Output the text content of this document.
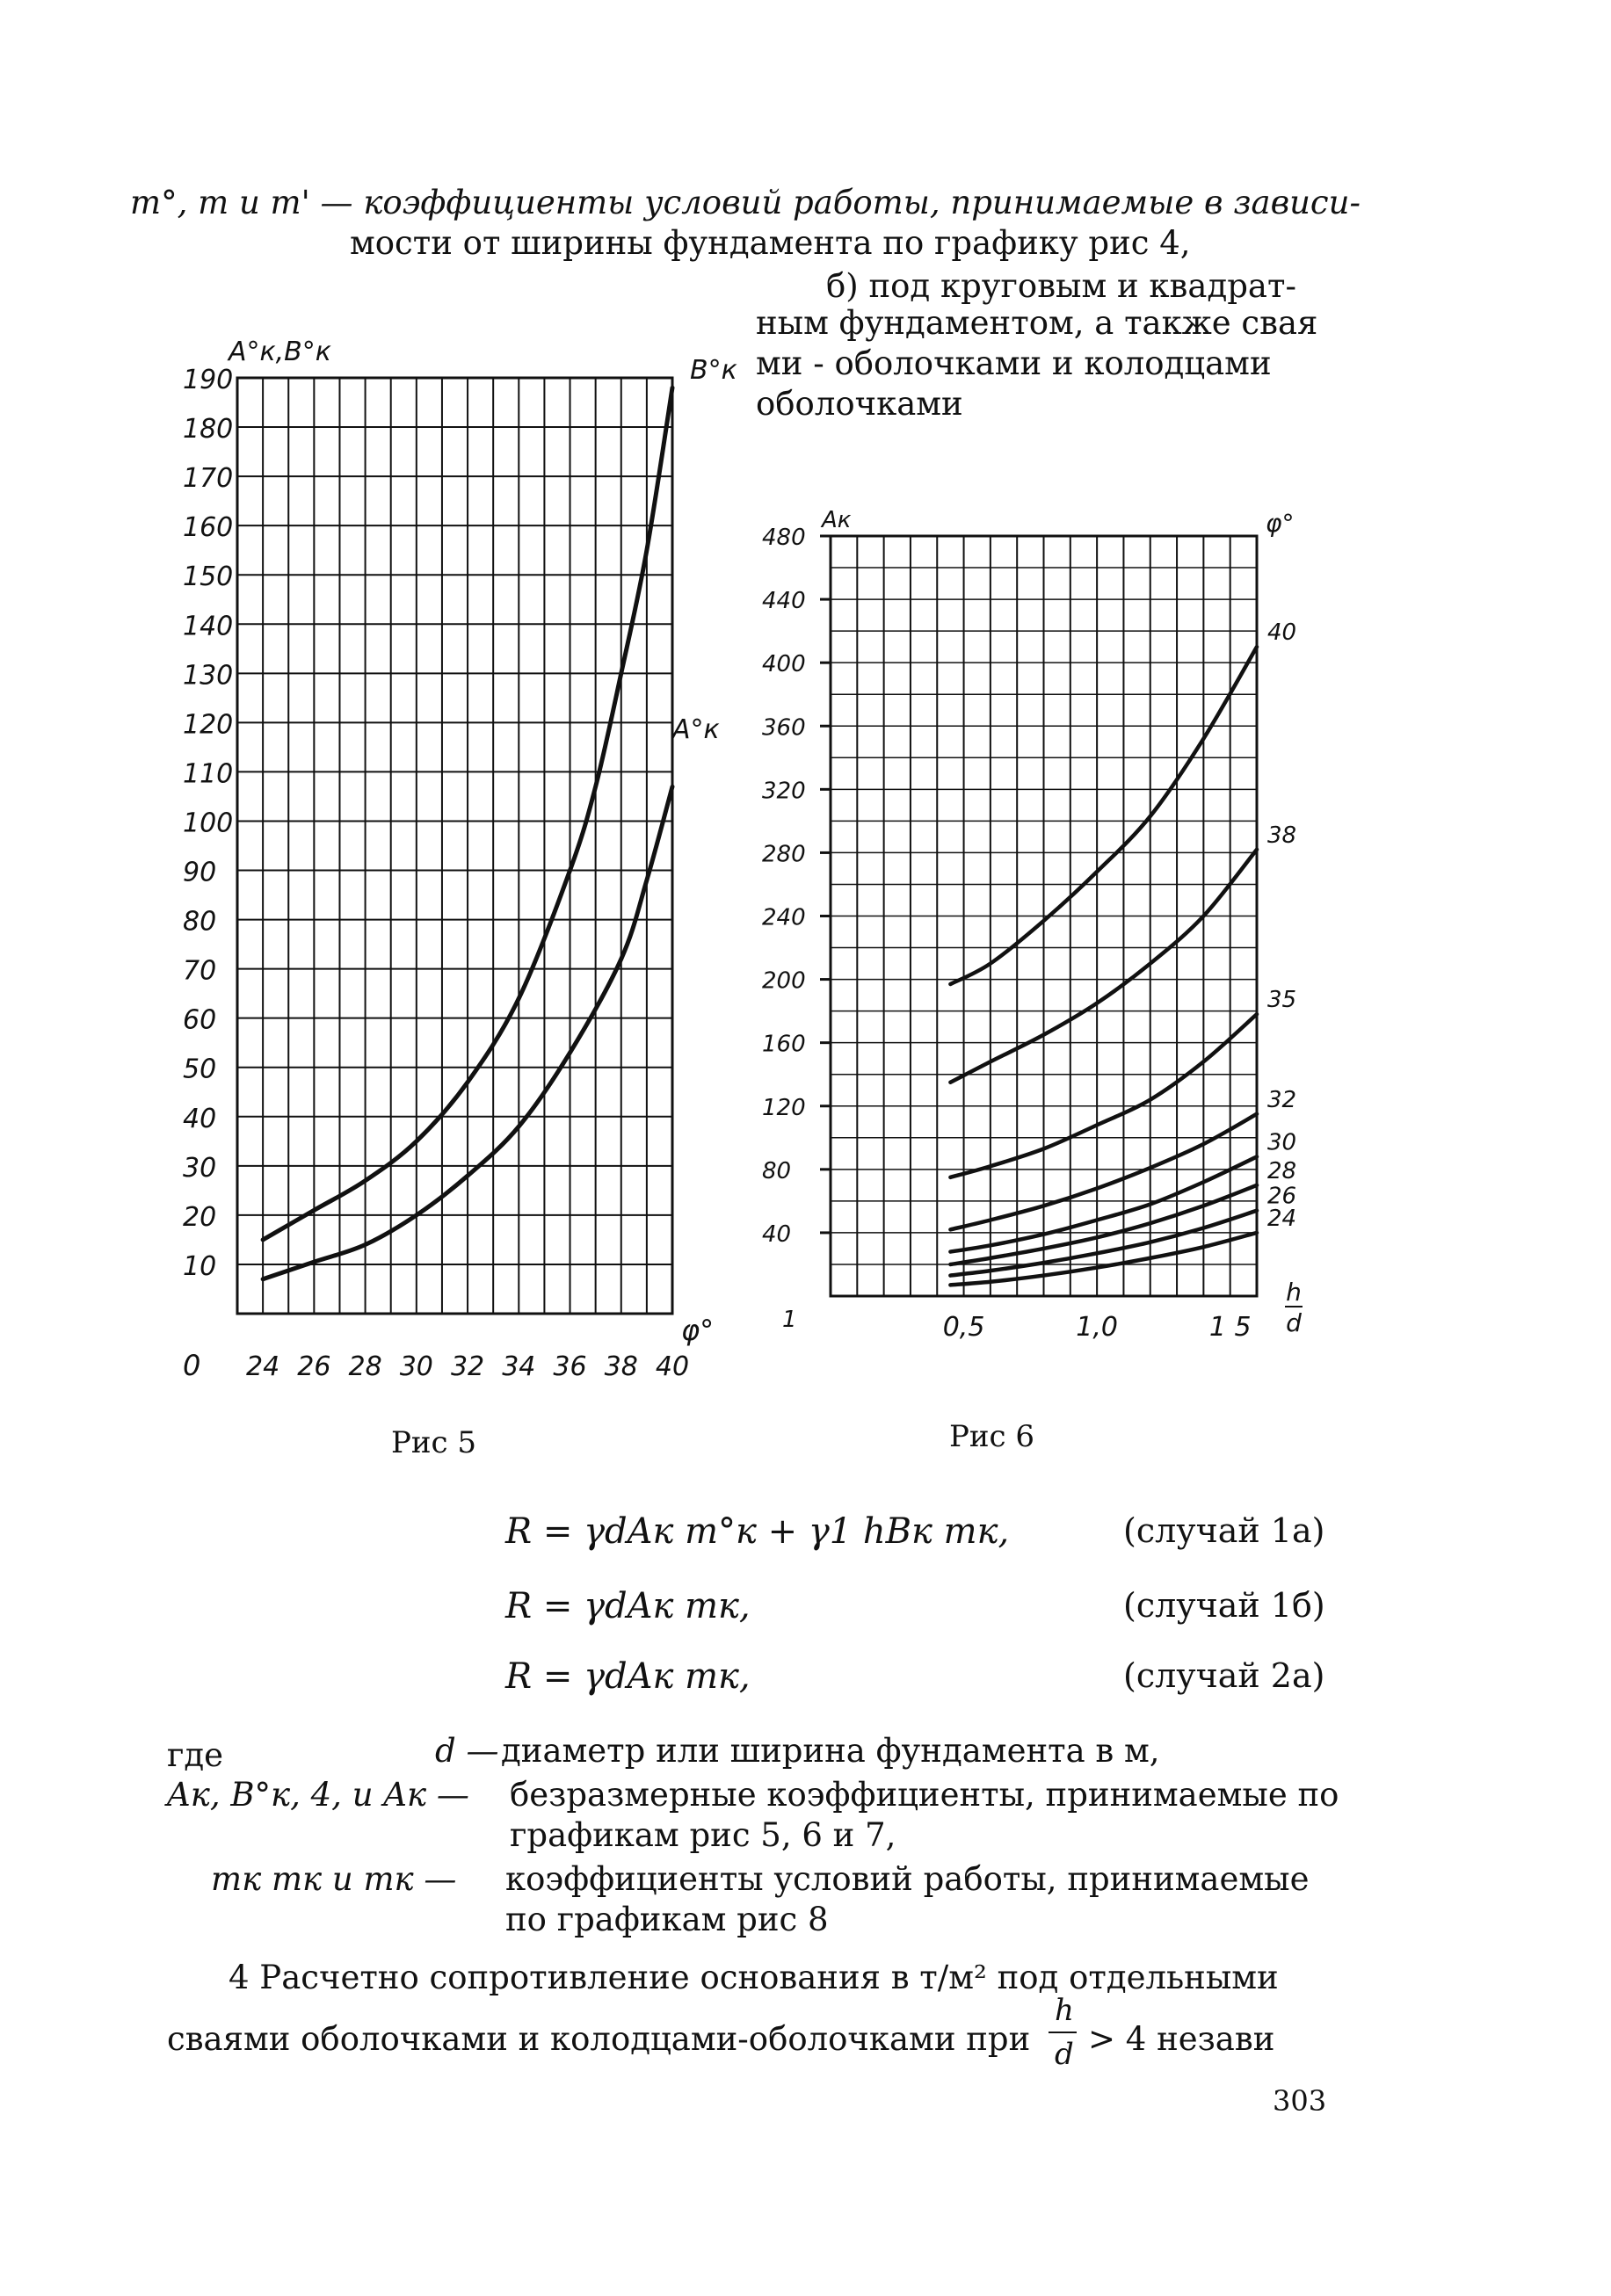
m°, m и m' — коэффициенты условий работы, принимаемые в зависи-
мости от ширины фундамента по графику рис 4,
б) под круговым и квадрат-
ным фундаментом, а также свая
ми - оболочками и колодцами
оболочками
10
20
30
40
50
60
70
80
90
100
110
120
130
140
150
160
170
180
190
0 24 26 28 30 32 34 36 38 40
A°к,B°к
φ°
B°к
A°к
40
80
120
160
200
240
280
320
360
400
440
480
1	0,5	1,0	1 5
Aк	φ°
h
d
40
38
35
32
30
28
26
24
Рис 5	Рис 6
R = γdAк m°к + γ1 hBк mк,	(случай 1а)
R = γdAк mк,	(случай 1б)
R = γdAк mк,	(случай 2а)
где	d — диаметр или ширина фундамента в м,
Aк, B°к, 4, и Aк — безразмерные коэффициенты, принимаемые по
графикам рис 5, 6 и 7,
mк mк и mк — коэффициенты условий работы, принимаемые
по графикам рис 8
4 Расчетно сопротивление основания в т/м² под отдельными
сваями оболочками и колодцами-оболочками при
h
d > 4 незави
303
